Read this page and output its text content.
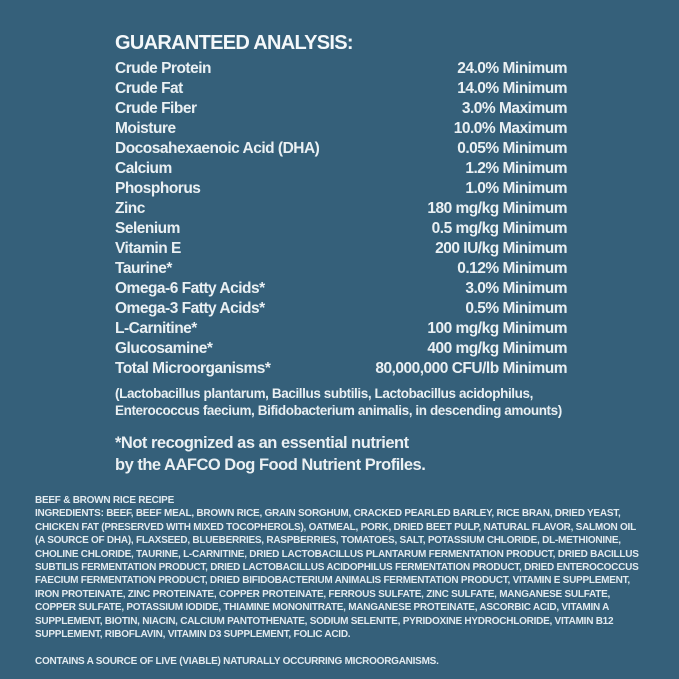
GUARANTEED ANALYSIS:
Crude Protein	24.0% Minimum
Crude Fat	14.0% Minimum
Crude Fiber	3.0% Maximum
Moisture	10.0% Maximum
Docosahexaenoic Acid (DHA)	0.05% Minimum
Calcium	1.2% Minimum
Phosphorus	1.0% Minimum
Zinc	180 mg/kg Minimum
Selenium	0.5 mg/kg Minimum
Vitamin E	200 IU/kg Minimum
Taurine*	0.12% Minimum
Omega-6 Fatty Acids*	3.0% Minimum
Omega-3 Fatty Acids*	0.5% Minimum
L-Carnitine*	100 mg/kg Minimum
Glucosamine*	400 mg/kg Minimum
Total Microorganisms*	80,000,000 CFU/lb Minimum
(Lactobacillus plantarum, Bacillus subtilis, Lactobacillus acidophilus,
Enterococcus faecium, Bifidobacterium animalis, in descending amounts)
*Not recognized as an essential nutrient
by the AAFCO Dog Food Nutrient Profiles.
BEEF & BROWN RICE RECIPE
INGREDIENTS: BEEF, BEEF MEAL, BROWN RICE, GRAIN SORGHUM, CRACKED PEARLED BARLEY, RICE BRAN, DRIED YEAST, CHICKEN FAT (PRESERVED WITH MIXED TOCOPHEROLS), OATMEAL, PORK, DRIED BEET PULP, NATURAL FLAVOR, SALMON OIL (A SOURCE OF DHA), FLAXSEED, BLUEBERRIES, RASPBERRIES, TOMATOES, SALT, POTASSIUM CHLORIDE, DL-METHIONINE, CHOLINE CHLORIDE, TAURINE, L-CARNITINE, DRIED LACTOBACILLUS PLANTARUM FERMENTATION PRODUCT, DRIED BACILLUS SUBTILIS FERMENTATION PRODUCT, DRIED LACTOBACILLUS ACIDOPHILUS FERMENTATION PRODUCT, DRIED ENTEROCOCCUS FAECIUM FERMENTATION PRODUCT, DRIED BIFIDOBACTERIUM ANIMALIS FERMENTATION PRODUCT, VITAMIN E SUPPLEMENT, IRON PROTEINATE, ZINC PROTEINATE, COPPER PROTEINATE, FERROUS SULFATE, ZINC SULFATE, MANGANESE SULFATE, COPPER SULFATE, POTASSIUM IODIDE, THIAMINE MONONITRATE, MANGANESE PROTEINATE, ASCORBIC ACID, VITAMIN A SUPPLEMENT, BIOTIN, NIACIN, CALCIUM PANTOTHENATE, SODIUM SELENITE, PYRIDOXINE HYDROCHLORIDE, VITAMIN B12 SUPPLEMENT, RIBOFLAVIN, VITAMIN D3 SUPPLEMENT, FOLIC ACID.
CONTAINS A SOURCE OF LIVE (VIABLE) NATURALLY OCCURRING MICROORGANISMS.
